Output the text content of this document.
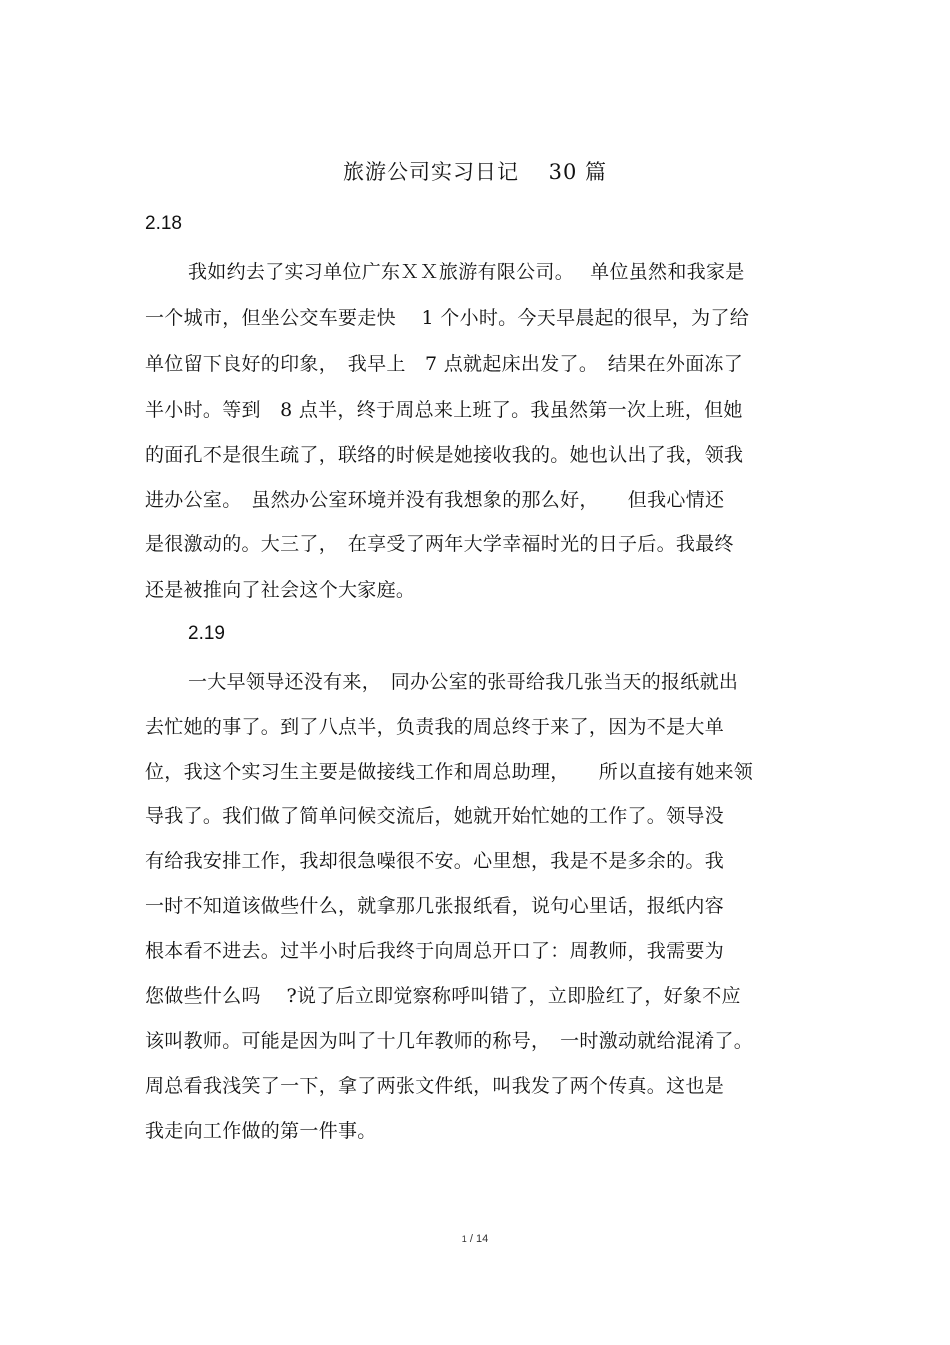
旅游公司实习日记　 30 篇
2.18
我如约去了实习单位广东ＸＸ旅游有限公司。　 单位虽然和我家是
一个城市，但坐公交车要走快　 1 个小时。今天早晨起的很早，为了给
单位留下良好的印象，　我早上　7 点就起床出发了。　结果在外面冻了
半小时。等到　8 点半，终于周总来上班了。我虽然第一次上班，但她
的面孔不是很生疏了，联络的时候是她接收我的。她也认出了我，领我
进办公室。　虽然办公室环境并没有我想象的那么好，　　但我心情还
是很激动的。大三了，　在享受了两年大学幸福时光的日子后。我最终
还是被推向了社会这个大家庭。
2.19
一大早领导还没有来，　同办公室的张哥给我几张当天的报纸就出
去忙她的事了。到了八点半，负责我的周总终于来了，因为不是大单
位，我这个实习生主要是做接线工作和周总助理，　　所以直接有她来领
导我了。我们做了简单问候交流后，她就开始忙她的工作了。领导没
有给我安排工作，我却很急噪很不安。心里想，我是不是多余的。我
一时不知道该做些什么，就拿那几张报纸看，说句心里话，报纸内容
根本看不进去。过半小时后我终于向周总开口了：周教师，我需要为
您做些什么吗　 ?说了后立即觉察称呼叫错了，立即脸红了，好象不应
该叫教师。可能是因为叫了十几年教师的称号，　一时激动就给混淆了。
周总看我浅笑了一下，拿了两张文件纸，叫我发了两个传真。这也是
我走向工作做的第一件事。
1 / 14
